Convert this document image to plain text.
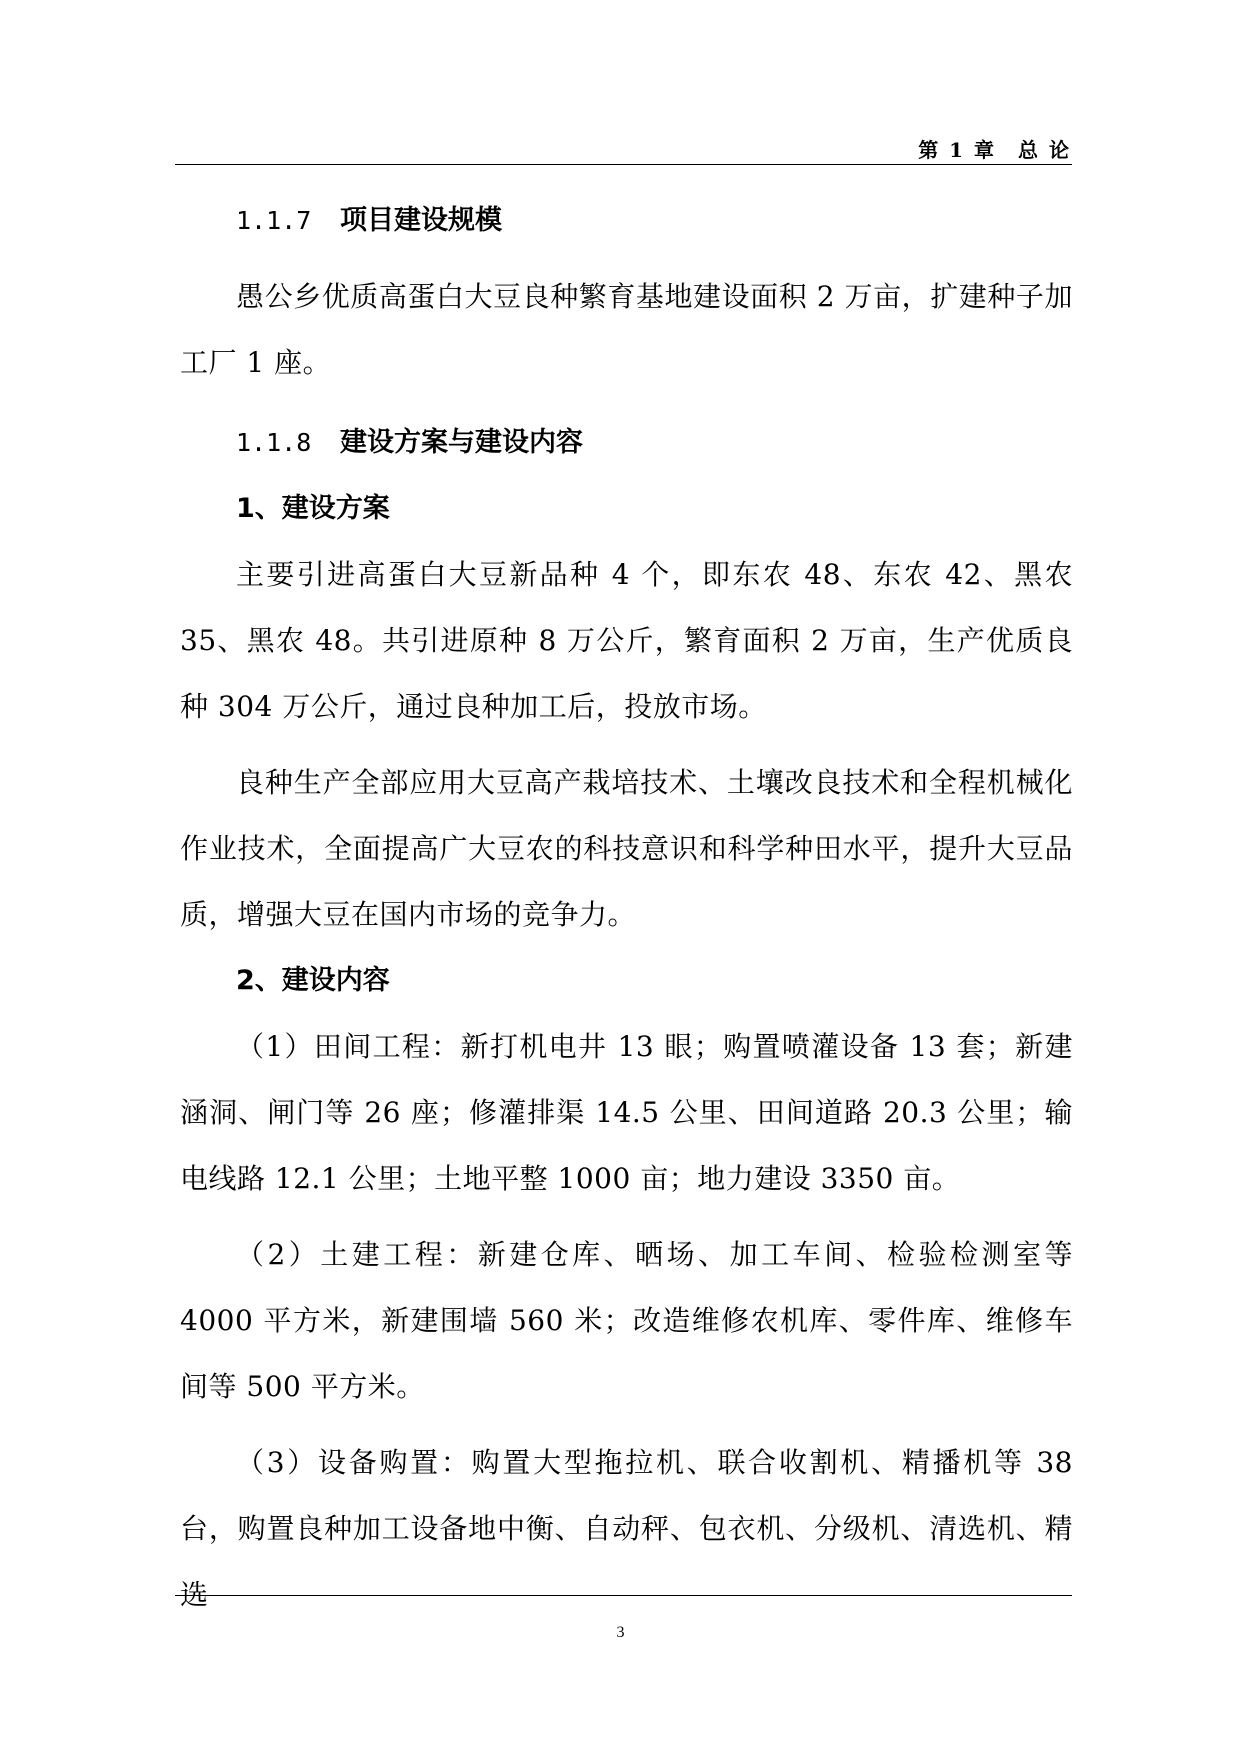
第 1 章　总 论
1.1.7 项目建设规模

愚公乡优质高蛋白大豆良种繁育基地建设面积 2 万亩，扩建种子加工厂 1 座。

1.1.8 建设方案与建设内容
1、建设方案

主要引进高蛋白大豆新品种 4 个，即东农 48、东农 42、黑农 35、黑农 48。共引进原种 8 万公斤，繁育面积 2 万亩，生产优质良种 304 万公斤，通过良种加工后，投放市场。

良种生产全部应用大豆高产栽培技术、土壤改良技术和全程机械化作业技术，全面提高广大豆农的科技意识和科学种田水平，提升大豆品质，增强大豆在国内市场的竞争力。

2、建设内容

（1）田间工程：新打机电井 13 眼；购置喷灌设备 13 套；新建涵洞、闸门等 26 座；修灌排渠 14.5 公里、田间道路 20.3 公里；输电线路 12.1 公里；土地平整 1000 亩；地力建设 3350 亩。

（2）土建工程：新建仓库、晒场、加工车间、检验检测室等 4000 平方米，新建围墙 560 米；改造维修农机库、零件库、维修车间等 500 平方米。

（3）设备购置：购置大型拖拉机、联合收割机、精播机等 38 台，购置良种加工设备地中衡、自动秤、包衣机、分级机、清选机、精选

3
